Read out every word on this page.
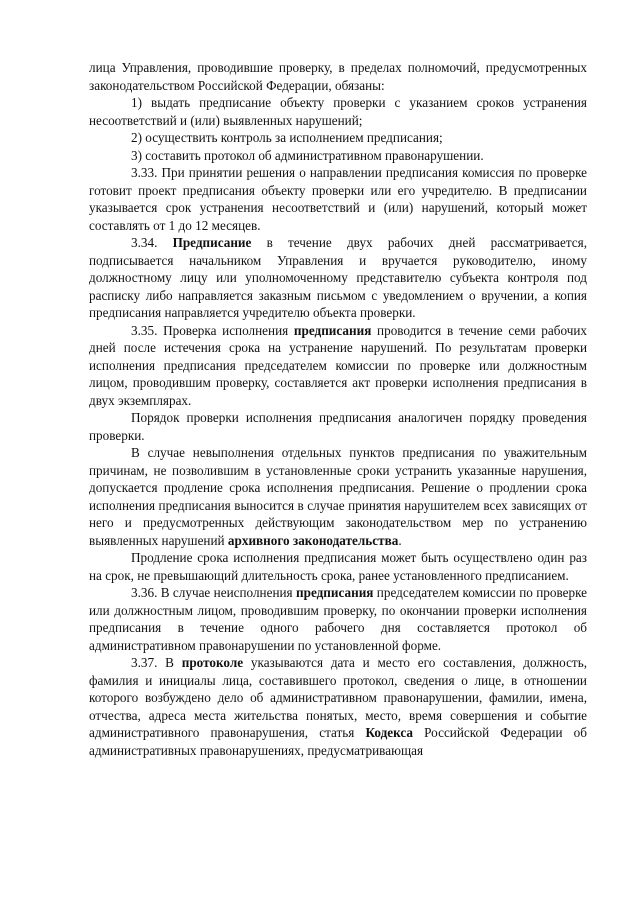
лица Управления, проводившие проверку, в пределах полномочий, предусмотренных законодательством Российской Федерации, обязаны:

1) выдать предписание объекту проверки с указанием сроков устранения несоответствий и (или) выявленных нарушений;

2) осуществить контроль за исполнением предписания;

3) составить протокол об административном правонарушении.

3.33. При принятии решения о направлении предписания комиссия по проверке готовит проект предписания объекту проверки или его учредителю. В предписании указывается срок устранения несоответствий и (или) нарушений, который может составлять от 1 до 12 месяцев.

3.34. Предписание в течение двух рабочих дней рассматривается, подписывается начальником Управления и вручается руководителю, иному должностному лицу или уполномоченному представителю субъекта контроля под расписку либо направляется заказным письмом с уведомлением о вручении, а копия предписания направляется учредителю объекта проверки.

3.35. Проверка исполнения предписания проводится в течение семи рабочих дней после истечения срока на устранение нарушений. По результатам проверки исполнения предписания председателем комиссии по проверке или должностным лицом, проводившим проверку, составляется акт проверки исполнения предписания в двух экземплярах.

Порядок проверки исполнения предписания аналогичен порядку проведения проверки.

В случае невыполнения отдельных пунктов предписания по уважительным причинам, не позволившим в установленные сроки устранить указанные нарушения, допускается продление срока исполнения предписания. Решение о продлении срока исполнения предписания выносится в случае принятия нарушителем всех зависящих от него и предусмотренных действующим законодательством мер по устранению выявленных нарушений архивного законодательства.

Продление срока исполнения предписания может быть осуществлено один раз на срок, не превышающий длительность срока, ранее установленного предписанием.

3.36. В случае неисполнения предписания председателем комиссии по проверке или должностным лицом, проводившим проверку, по окончании проверки исполнения предписания в течение одного рабочего дня составляется протокол об административном правонарушении по установленной форме.

3.37. В протоколе указываются дата и место его составления, должность, фамилия и инициалы лица, составившего протокол, сведения о лице, в отношении которого возбуждено дело об административном правонарушении, фамилии, имена, отчества, адреса места жительства понятых, место, время совершения и событие административного правонарушения, статья Кодекса Российской Федерации об административных правонарушениях, предусматривающая
